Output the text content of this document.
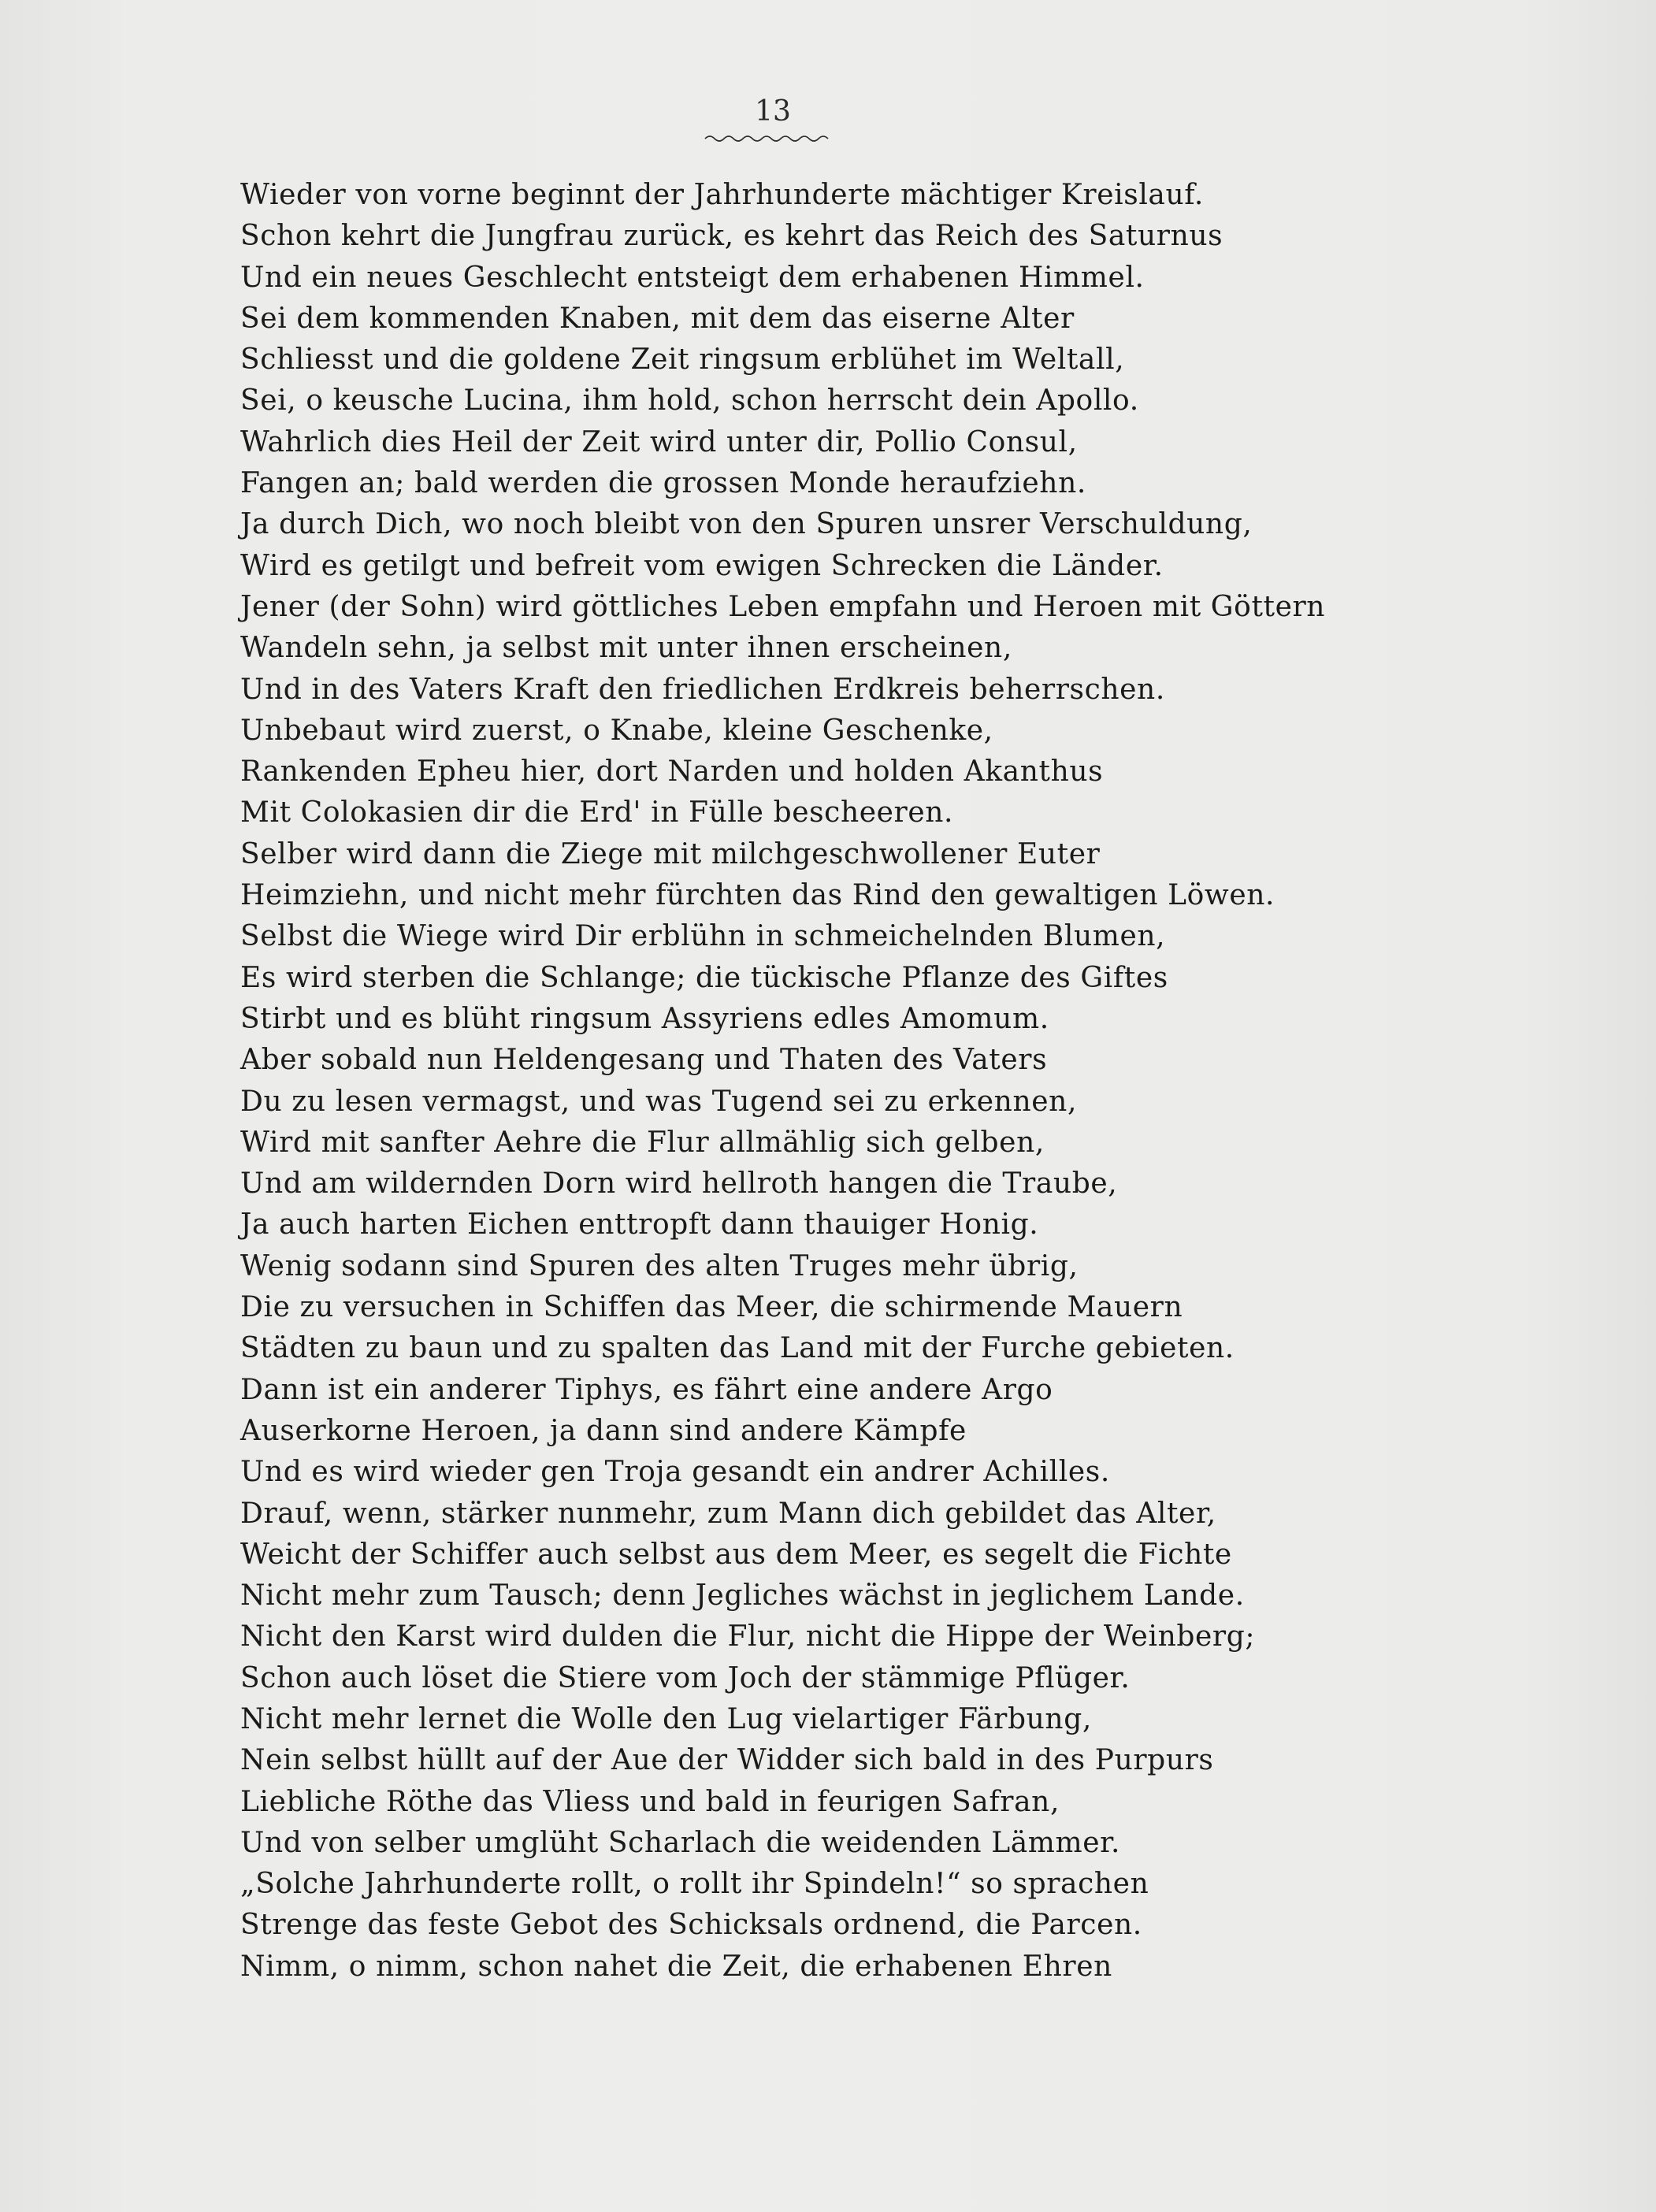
13
Wieder von vorne beginnt der Jahrhunderte mächtiger Kreislauf.
Schon kehrt die Jungfrau zurück, es kehrt das Reich des Saturnus
Und ein neues Geschlecht entsteigt dem erhabenen Himmel.
Sei dem kommenden Knaben, mit dem das eiserne Alter
Schliesst und die goldene Zeit ringsum erblühet im Weltall,
Sei, o keusche Lucina, ihm hold, schon herrscht dein Apollo.
Wahrlich dies Heil der Zeit wird unter dir, Pollio Consul,
Fangen an; bald werden die grossen Monde heraufziehn.
Ja durch Dich, wo noch bleibt von den Spuren unsrer Verschuldung,
Wird es getilgt und befreit vom ewigen Schrecken die Länder.
Jener (der Sohn) wird göttliches Leben empfahn und Heroen mit Göttern
Wandeln sehn, ja selbst mit unter ihnen erscheinen,
Und in des Vaters Kraft den friedlichen Erdkreis beherrschen.
Unbebaut wird zuerst, o Knabe, kleine Geschenke,
Rankenden Epheu hier, dort Narden und holden Akanthus
Mit Colokasien dir die Erd' in Fülle bescheeren.
Selber wird dann die Ziege mit milchgeschwollener Euter
Heimziehn, und nicht mehr fürchten das Rind den gewaltigen Löwen.
Selbst die Wiege wird Dir erblühn in schmeichelnden Blumen,
Es wird sterben die Schlange; die tückische Pflanze des Giftes
Stirbt und es blüht ringsum Assyriens edles Amomum.
Aber sobald nun Heldengesang und Thaten des Vaters
Du zu lesen vermagst, und was Tugend sei zu erkennen,
Wird mit sanfter Aehre die Flur allmählig sich gelben,
Und am wildernden Dorn wird hellroth hangen die Traube,
Ja auch harten Eichen enttropft dann thauiger Honig.
Wenig sodann sind Spuren des alten Truges mehr übrig,
Die zu versuchen in Schiffen das Meer, die schirmende Mauern
Städten zu baun und zu spalten das Land mit der Furche gebieten.
Dann ist ein anderer Tiphys, es fährt eine andere Argo
Auserkorne Heroen, ja dann sind andere Kämpfe
Und es wird wieder gen Troja gesandt ein andrer Achilles.
Drauf, wenn, stärker nunmehr, zum Mann dich gebildet das Alter,
Weicht der Schiffer auch selbst aus dem Meer, es segelt die Fichte
Nicht mehr zum Tausch; denn Jegliches wächst in jeglichem Lande.
Nicht den Karst wird dulden die Flur, nicht die Hippe der Weinberg;
Schon auch löset die Stiere vom Joch der stämmige Pflüger.
Nicht mehr lernet die Wolle den Lug vielartiger Färbung,
Nein selbst hüllt auf der Aue der Widder sich bald in des Purpurs
Liebliche Röthe das Vliess und bald in feurigen Safran,
Und von selber umglüht Scharlach die weidenden Lämmer.
„Solche Jahrhunderte rollt, o rollt ihr Spindeln!“ so sprachen
Strenge das feste Gebot des Schicksals ordnend, die Parcen.
Nimm, o nimm, schon nahet die Zeit, die erhabenen Ehren
